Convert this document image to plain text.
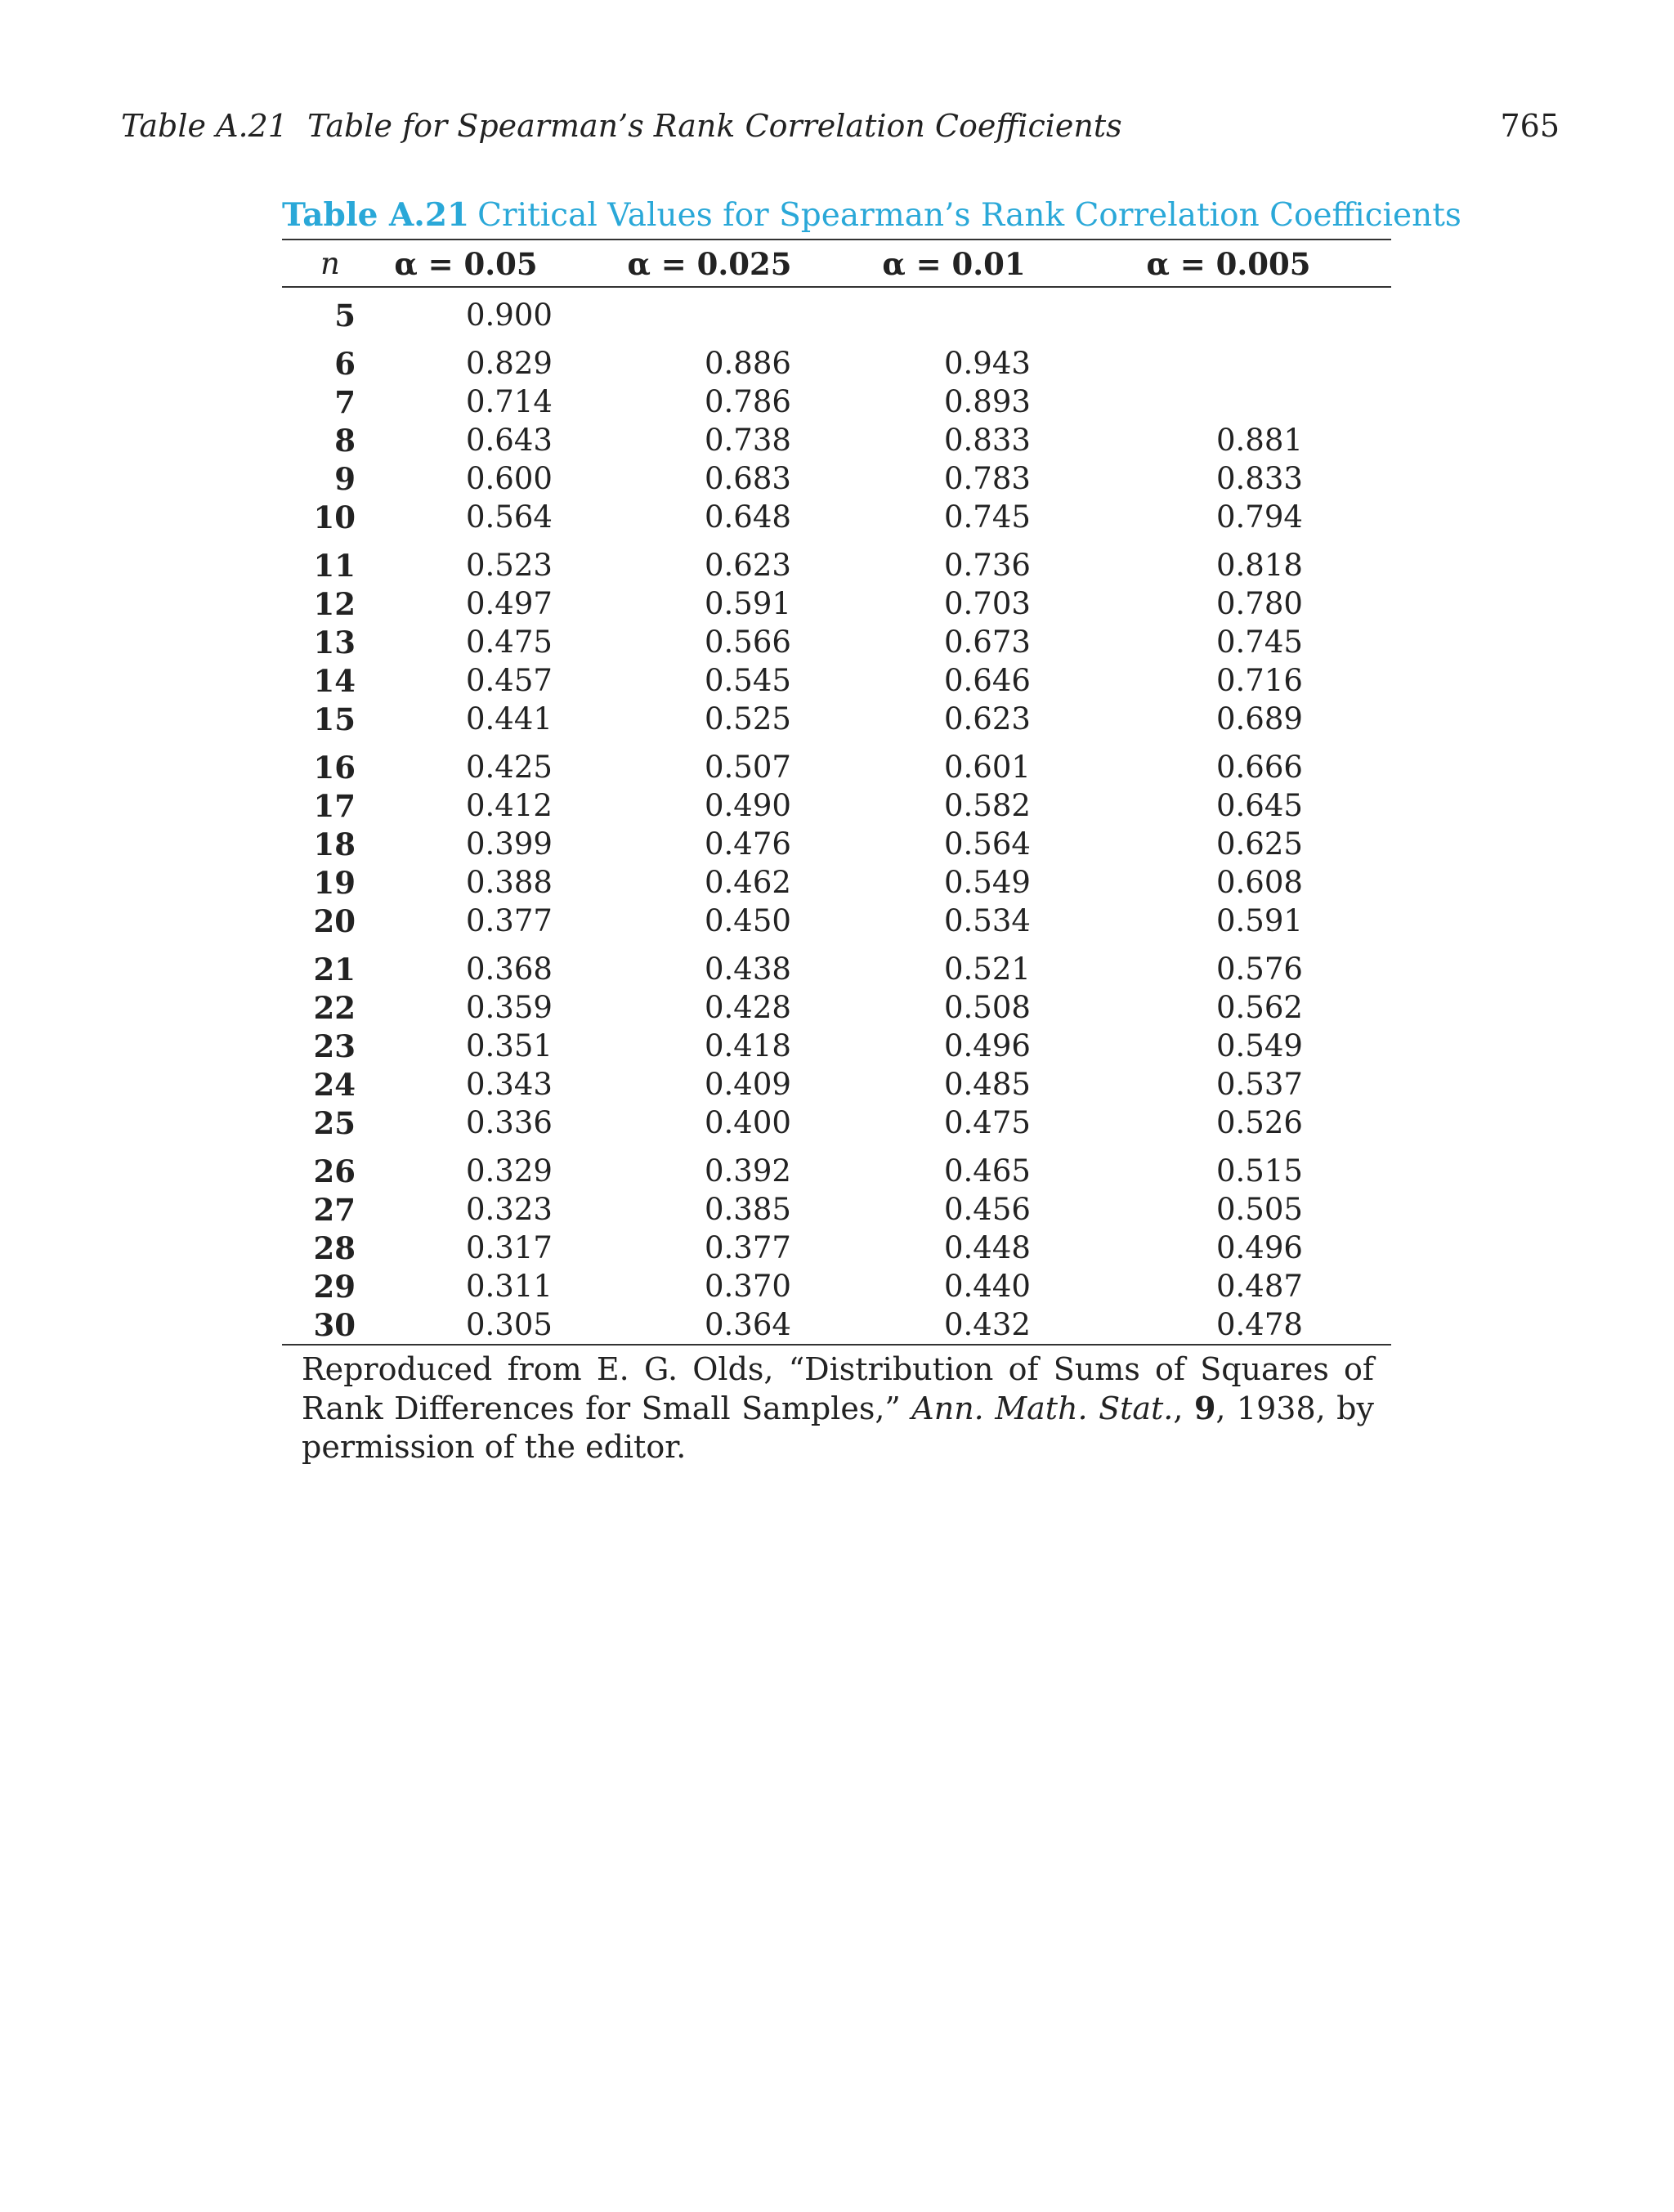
Table A.21 Table for Spearman’s Rank Correlation Coefficients	765
Table A.21 Critical Values for Spearman’s Rank Correlation Coefficients
n	α = 0.05	α = 0.025	α = 0.01	α = 0.005
5	0.900
6	0.829	0.886	0.943
7	0.714	0.786	0.893
8	0.643	0.738	0.833	0.881
9	0.600	0.683	0.783	0.833
10	0.564	0.648	0.745	0.794
11	0.523	0.623	0.736	0.818
12	0.497	0.591	0.703	0.780
13	0.475	0.566	0.673	0.745
14	0.457	0.545	0.646	0.716
15	0.441	0.525	0.623	0.689
16	0.425	0.507	0.601	0.666
17	0.412	0.490	0.582	0.645
18	0.399	0.476	0.564	0.625
19	0.388	0.462	0.549	0.608
20	0.377	0.450	0.534	0.591
21	0.368	0.438	0.521	0.576
22	0.359	0.428	0.508	0.562
23	0.351	0.418	0.496	0.549
24	0.343	0.409	0.485	0.537
25	0.336	0.400	0.475	0.526
26	0.329	0.392	0.465	0.515
27	0.323	0.385	0.456	0.505
28	0.317	0.377	0.448	0.496
29	0.311	0.370	0.440	0.487
30	0.305	0.364	0.432	0.478
Reproduced from E. G. Olds, “Distribution of Sums of Squares of Rank Differences for Small Samples,” Ann. Math. Stat., 9, 1938, by permission of the editor.
